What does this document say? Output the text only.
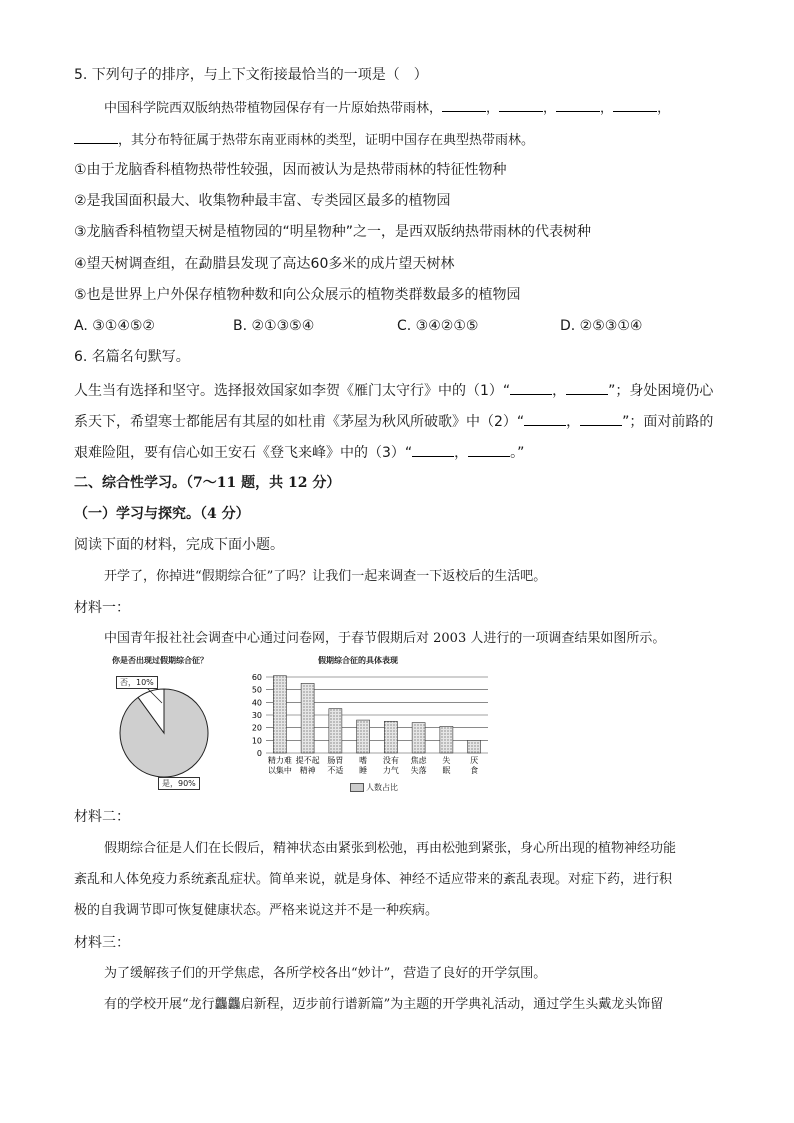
5. 下列句子的排序，与上下文衔接最恰当的一项是（　）
中国科学院西双版纳热带植物园保存有一片原始热带雨林，	，	，	，	，
，其分布特征属于热带东南亚雨林的类型，证明中国存在典型热带雨林。
①由于龙脑香科植物热带性较强，因而被认为是热带雨林的特征性物种
②是我国面积最大、收集物种最丰富、专类园区最多的植物园
③龙脑香科植物望天树是植物园的“明星物种”之一，是西双版纳热带雨林的代表树种
④望天树调查组，在勐腊县发现了高达60多米的成片望天树林
⑤也是世界上户外保存植物种数和向公众展示的植物类群数最多的植物园
A. ③①④⑤②	B. ②①③⑤④	C. ③④②①⑤	D. ②⑤③①④
6. 名篇名句默写。
人生当有选择和坚守。选择报效国家如李贺《雁门太守行》中的（1）“	，	”；身处困境仍心
系天下，希望寒士都能居有其屋的如杜甫《茅屋为秋风所破歌》中（2）“	，	”；面对前路的
艰难险阻，要有信心如王安石《登飞来峰》中的（3）“	，	。”
二、综合性学习。（7～11 题，共 12 分）
（一）学习与探究。（4 分）
阅读下面的材料，完成下面小题。
开学了，你掉进“假期综合征”了吗？让我们一起来调查一下返校后的生活吧。
材料一：
中国青年报社社会调查中心通过问卷网，于春节假期后对 2003 人进行的一项调查结果如图所示。
你是否出现过假期综合征？
否，10%
是，90%
假期综合征的具体表现
0
10
20
30
40
50
60
精力难
以集中
提不起
精神
肠胃
不适
嗜
睡
没有
力气
焦虑
失落
失
眠
厌
食
人数占比
材料二：
假期综合征是人们在长假后，精神状态由紧张到松弛，再由松弛到紧张，身心所出现的植物神经功能
紊乱和人体免疫力系统紊乱症状。简单来说，就是身体、神经不适应带来的紊乱表现。对症下药，进行积
极的自我调节即可恢复健康状态。严格来说这并不是一种疾病。
材料三：
为了缓解孩子们的开学焦虑，各所学校各出“妙计”，营造了良好的开学氛围。
有的学校开展“龙行龘龘启新程，迈步前行谱新篇”为主题的开学典礼活动，通过学生头戴龙头饰留
